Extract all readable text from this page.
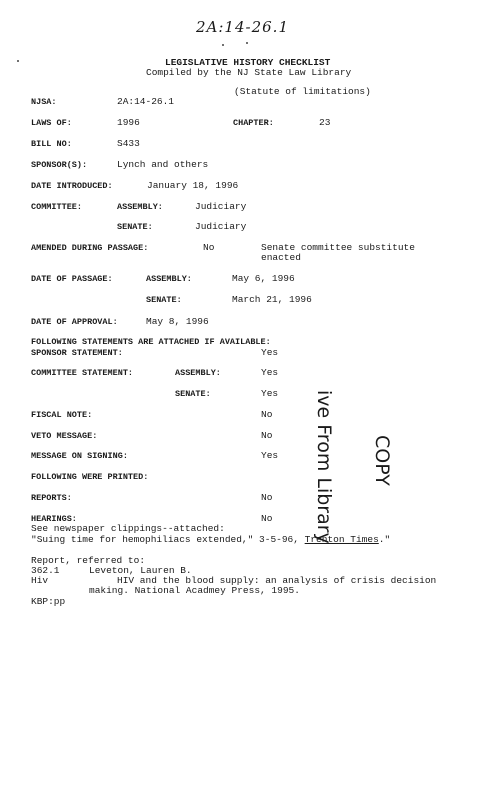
2A:14-26.1
LEGISLATIVE HISTORY CHECKLIST
Compiled by the NJ State Law Library
(Statute of limitations)
NJSA:	2A:14-26.1
LAWS OF:	1996	CHAPTER:	23
BILL NO:	S433
SPONSOR(S):	Lynch and others
DATE INTRODUCED:	January 18, 1996
COMMITTEE:	ASSEMBLY:	Judiciary
SENATE:	Judiciary
AMENDED DURING PASSAGE:	No	Senate committee substitute
enacted
DATE OF PASSAGE:	ASSEMBLY:	May 6, 1996
SENATE:	March 21, 1996
DATE OF APPROVAL:	May 8, 1996
FOLLOWING STATEMENTS ARE ATTACHED IF AVAILABLE:
SPONSOR STATEMENT:	Yes
COMMITTEE STATEMENT:	ASSEMBLY:	Yes
SENATE:	Yes
FISCAL NOTE:	No
VETO MESSAGE:	No
MESSAGE ON SIGNING:	Yes
FOLLOWING WERE PRINTED:
REPORTS:	No
HEARINGS:	No
See newspaper clippings--attached:
"Suing time for hemophiliacs extended," 3-5-96, Trenton Times."
Report, referred to:
362.1	Leveton, Lauren B.
Hiv	HIV and the blood supply: an analysis of crisis decision
making. National Acadmey Press, 1995.
KBP:pp
ive From Library COPY
